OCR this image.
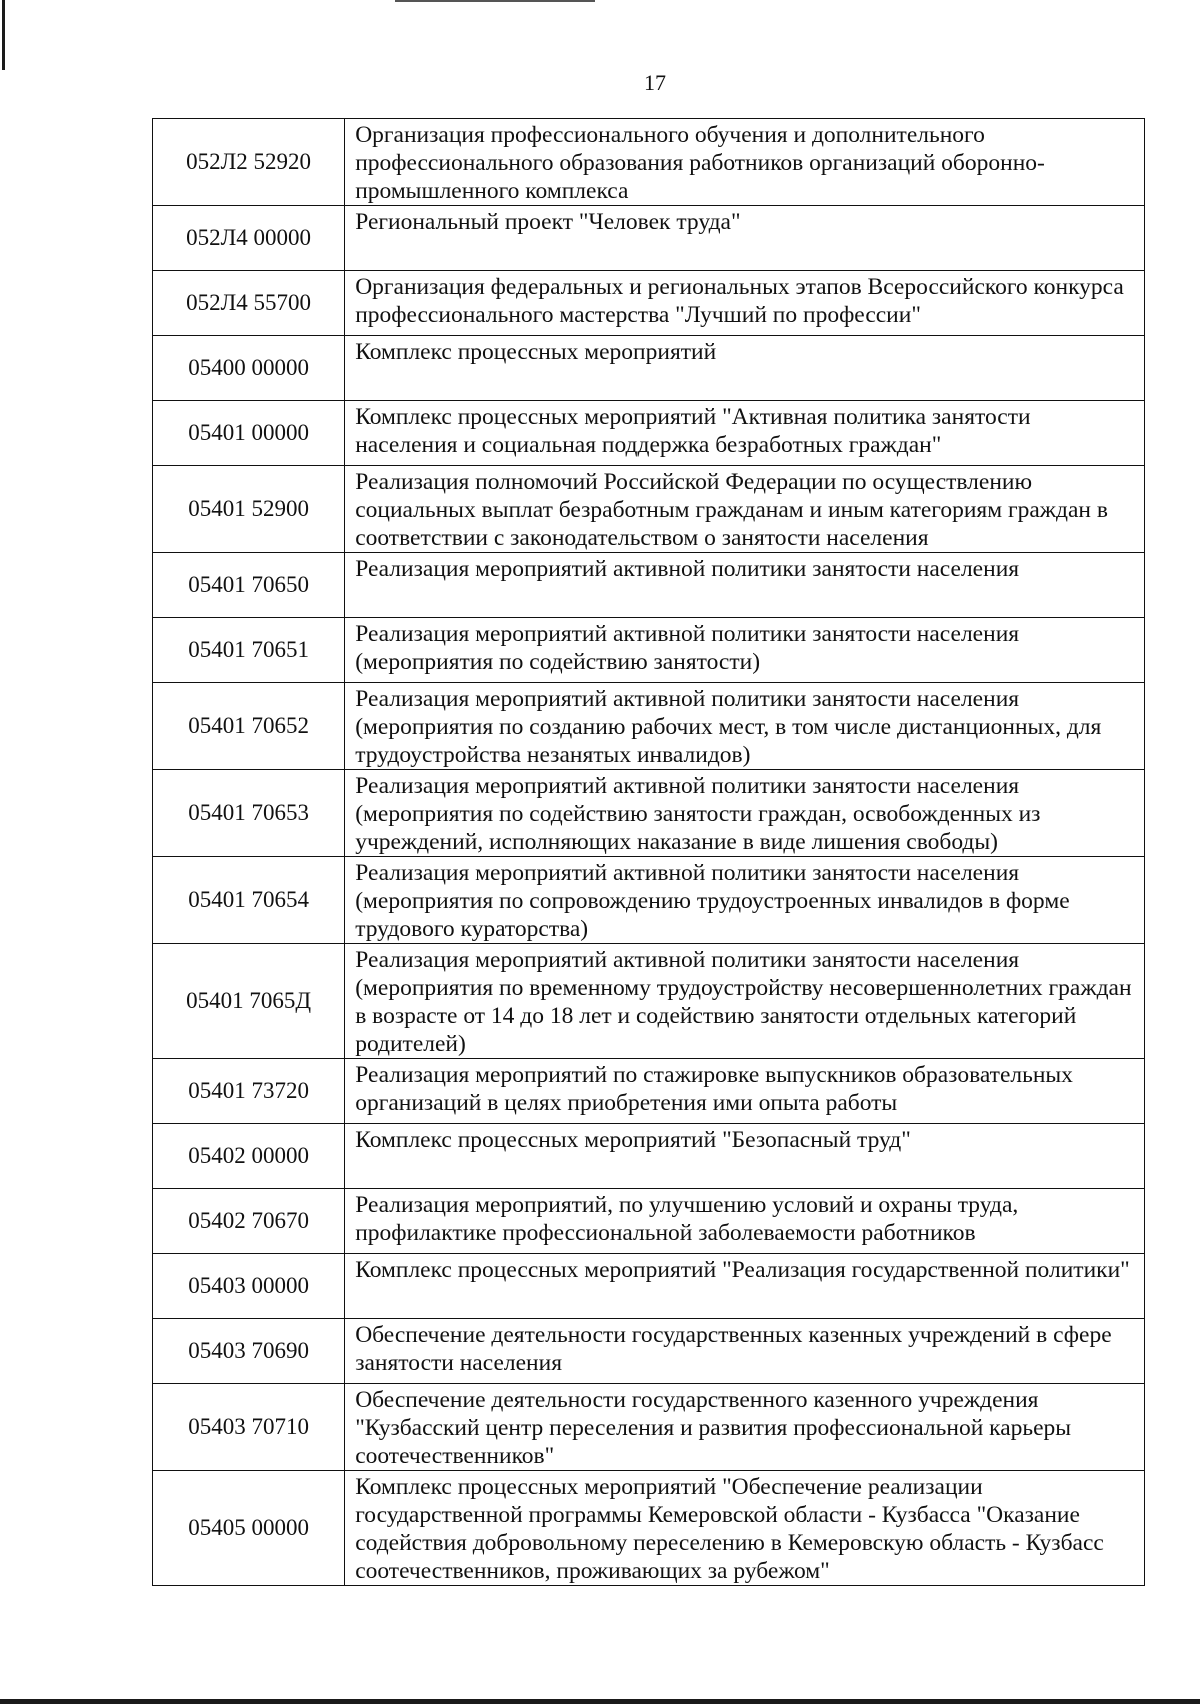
17
052Л2 52920	Организация профессионального обучения и дополнительного профессионального образования работников организаций оборонно-промышленного комплекса

052Л4 00000	Региональный проект "Человек труда"

052Л4 55700	Организация федеральных и региональных этапов Всероссийского конкурса профессионального мастерства "Лучший по профессии"

05400 00000	Комплекс процессных мероприятий

05401 00000	Комплекс процессных мероприятий "Активная политика занятости населения и социальная поддержка безработных граждан"

05401 52900	Реализация полномочий Российской Федерации по осуществлению социальных выплат безработным гражданам и иным категориям граждан в соответствии с законодательством о занятости населения

05401 70650	Реализация мероприятий активной политики занятости населения

05401 70651	Реализация мероприятий активной политики занятости населения (мероприятия по содействию занятости)

05401 70652	Реализация мероприятий активной политики занятости населения (мероприятия по созданию рабочих мест, в том числе дистанционных, для трудоустройства незанятых инвалидов)

05401 70653	Реализация мероприятий активной политики занятости населения (мероприятия по содействию занятости граждан, освобожденных из учреждений, исполняющих наказание в виде лишения свободы)

05401 70654	Реализация мероприятий активной политики занятости населения (мероприятия по сопровождению трудоустроенных инвалидов в форме трудового кураторства)

05401 7065Д	Реализация мероприятий активной политики занятости населения (мероприятия по временному трудоустройству несовершеннолетних граждан в возрасте от 14 до 18 лет и содействию занятости отдельных категорий родителей)

05401 73720	Реализация мероприятий по стажировке выпускников образовательных организаций в целях приобретения ими опыта работы

05402 00000	Комплекс процессных мероприятий "Безопасный труд"

05402 70670	Реализация мероприятий, по улучшению условий и охраны труда, профилактике профессиональной заболеваемости работников

05403 00000	Комплекс процессных мероприятий "Реализация государственной политики"

05403 70690	Обеспечение деятельности государственных казенных учреждений в сфере занятости населения

05403 70710	Обеспечение деятельности государственного казенного учреждения "Кузбасский центр переселения и развития профессиональной карьеры соотечественников"

05405 00000	Комплекс процессных мероприятий "Обеспечение реализации государственной программы Кемеровской области - Кузбасса "Оказание содействия добровольному переселению в Кемеровскую область - Кузбасс соотечественников, проживающих за рубежом"
